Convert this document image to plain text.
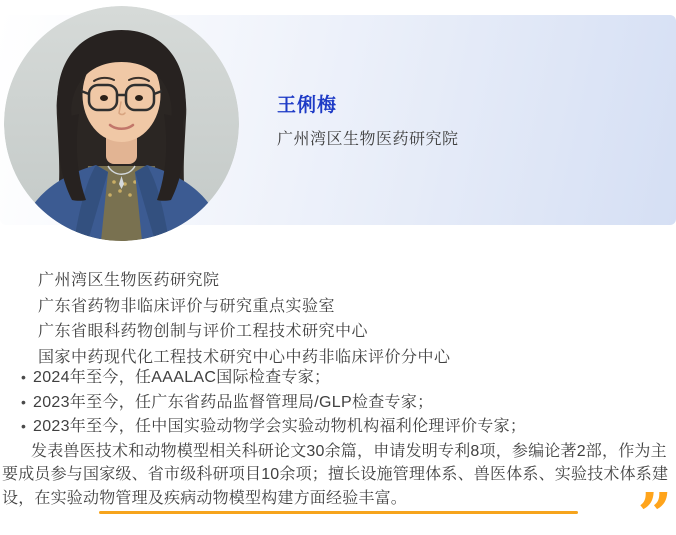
王俐梅
广州湾区生物医药研究院
广州湾区生物医药研究院
广东省药物非临床评价与研究重点实验室
广东省眼科药物创制与评价工程技术研究中心
国家中药现代化工程技术研究中心中药非临床评价分中心
• 2024年至今，任AAALAC国际检查专家；
• 2023年至今，任广东省药品监督管理局/GLP检查专家；
• 2023年至今，任中国实验动物学会实验动物机构福利伦理评价专家；

发表兽医技术和动物模型相关科研论文30余篇，申请发明专利8项，参编论著2部，作为主要成员参与国家级、省市级科研项目10余项；擅长设施管理体系、兽医体系、实验技术体系建设，在实验动物管理及疾病动物模型构建方面经验丰富。	”
